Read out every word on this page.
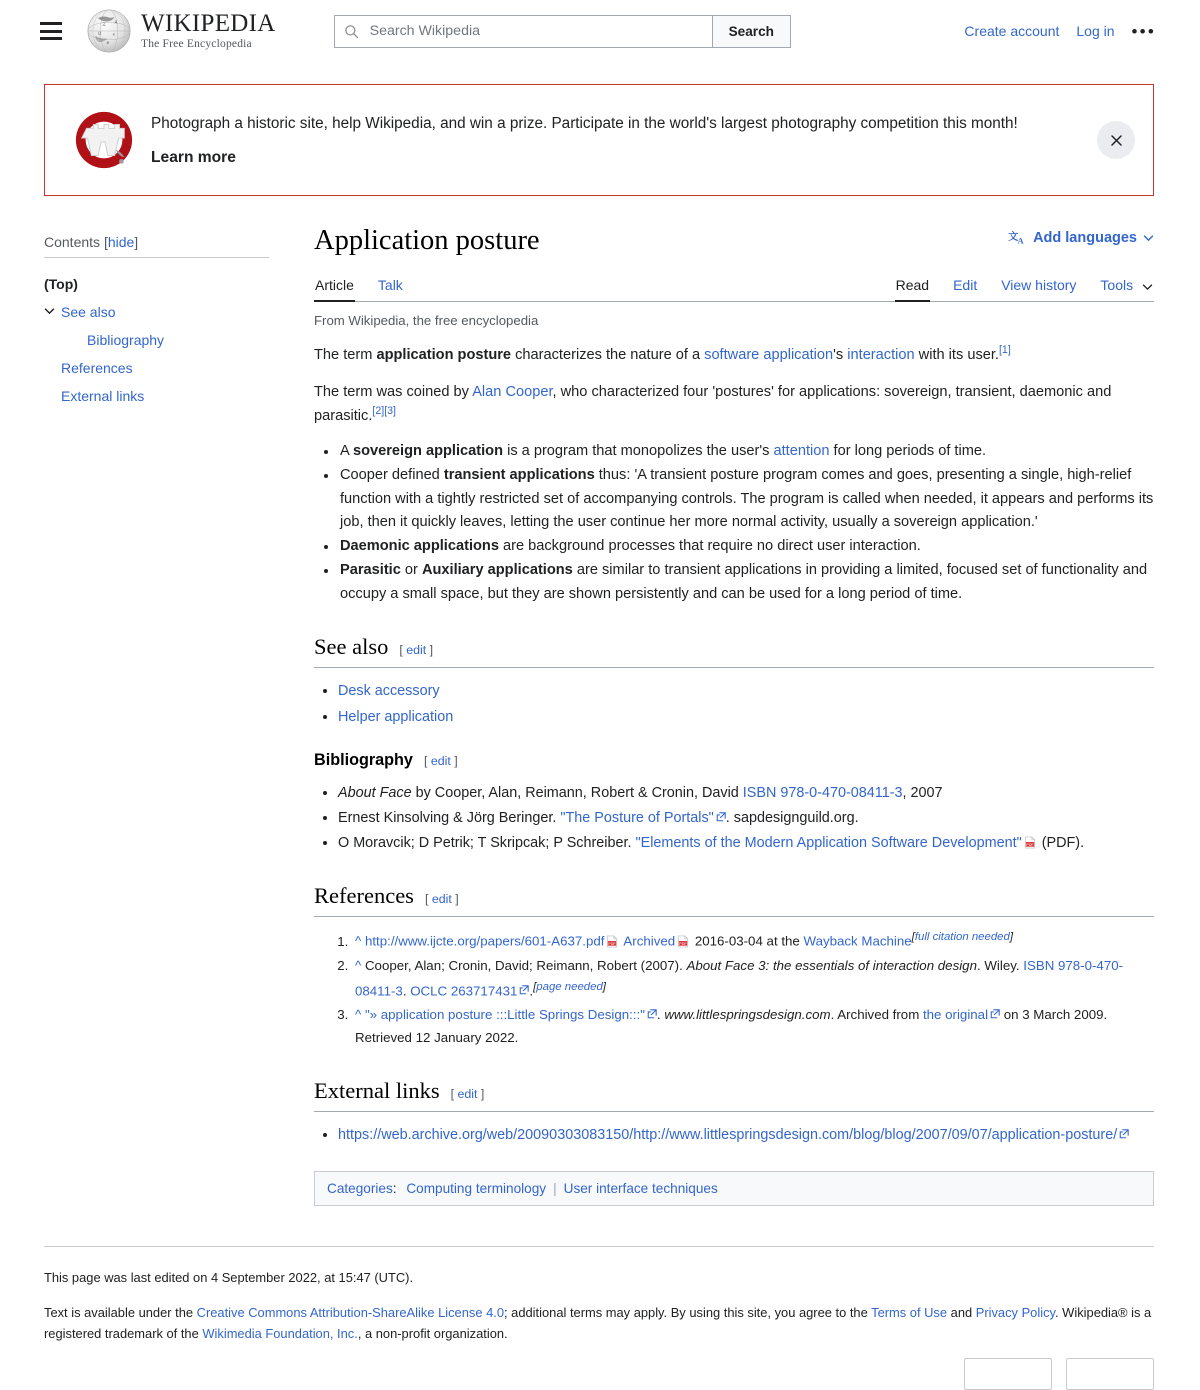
文 Я
Ω א
अ
WIKIPEDIA
The Free Encyclopedia
Search Wikipedia
Search	Create account Log in •••
Photograph a historic site, help Wikipedia, and win a prize. Participate in the world's largest photography competition this month!
Learn more
Contents [hide]
(Top)
See also
Bibliography
References
External links
Application posture	文 A Add languages
Article Talk	Read Edit View history Tools
From Wikipedia, the free encyclopedia

The term application posture characterizes the nature of a software application's interaction with its user.[1]

The term was coined by Alan Cooper, who characterized four 'postures' for applications: sovereign, transient, daemonic and parasitic.[2][3]

• A sovereign application is a program that monopolizes the user's attention for long periods of time.
• Cooper defined transient applications thus: 'A transient posture program comes and goes, presenting a single, high-relief function with a tightly restricted set of accompanying controls. The program is called when needed, it appears and performs its job, then it quickly leaves, letting the user continue her more normal activity, usually a sovereign application.'
• Daemonic applications are background processes that require no direct user interaction.
• Parasitic or Auxiliary applications are similar to transient applications in providing a limited, focused set of functionality and occupy a small space, but they are shown persistently and can be used for a long period of time.
See also [ edit ]
• Desk accessory
• Helper application
Bibliography [ edit ]
• About Face by Cooper, Alan, Reimann, Robert & Cronin, David ISBN 978-0-470-08411-3, 2007
• Ernest Kinsolving & Jörg Beringer. "The Posture of Portals" . sapdesignguild.org.
• O Moravcik; D Petrik; T Skripcak; P Schreiber. "Elements of the Modern Application Software Development" PDF (PDF).
References [ edit ]
1. ^ http://www.ijcte.org/papers/601-A637.pdf PDF Archived PDF 2016-03-04 at the Wayback Machine[full citation needed]
2. ^ Cooper, Alan; Cronin, David; Reimann, Robert (2007). About Face 3: the essentials of interaction design. Wiley. ISBN 978-0-470-08411-3. OCLC 263717431 .[page needed]
3. ^ "» application posture :::Little Springs Design:::" . www.littlespringsdesign.com. Archived from the original on 3 March 2009. Retrieved 12 January 2022.
External links [ edit ]
• https://web.archive.org/web/20090303083150/http://www.littlespringsdesign.com/blog/blog/2007/09/07/application-posture/
Categories: Computing terminology | User interface techniques

This page was last edited on 4 September 2022, at 15:47 (UTC).

Text is available under the Creative Commons Attribution-ShareAlike License 4.0; additional terms may apply. By using this site, you agree to the Terms of Use and Privacy Policy. Wikipedia® is a registered trademark of the Wikimedia Foundation, Inc., a non-profit organization.
